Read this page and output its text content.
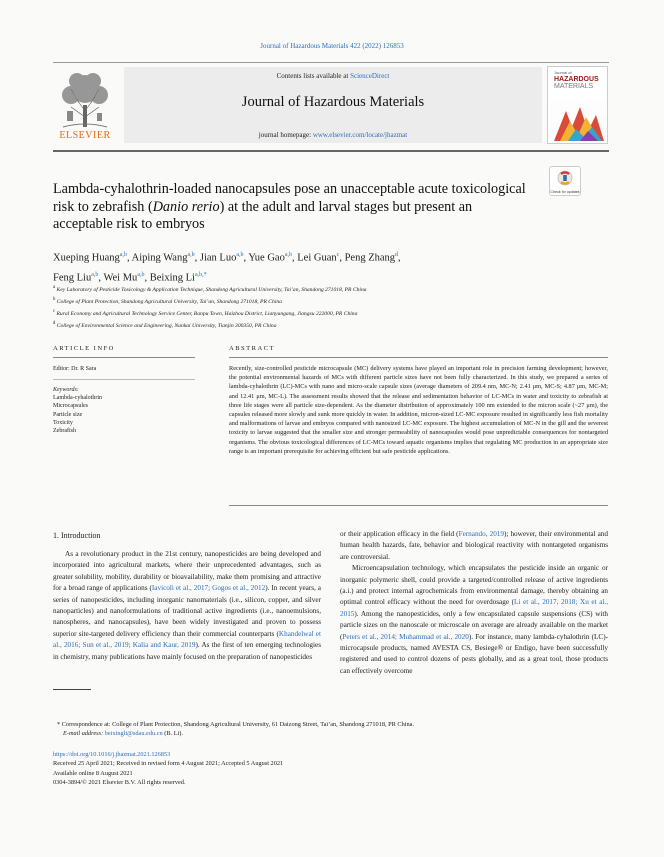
Journal of Hazardous Materials 422 (2022) 126853
ELSEVIER
Contents lists available at ScienceDirect
Journal of Hazardous Materials
journal homepage: www.elsevier.com/locate/jhazmat
Journal of
HAZARDOUS
MATERIALS
Lambda-cyhalothrin-loaded nanocapsules pose an unacceptable acute toxicological risk to zebrafish (Danio rerio) at the adult and larval stages but present an acceptable risk to embryos
Check for updates
Xueping Huang$^{a,b}$, Aiping Wang$^{a,b}$, Jian Luo$^{a,b}$, Yue Gao$^{a,b}$, Lei Guan$^c$, Peng Zhang$^d$,
Feng Liu$^{a,b}$, Wei Mu$^{a,b}$, Beixing $Li^{a,b,*}$
$^a$ Key Laboratory of Pesticide Toxicology & Application Technique, Shandong Agricultural University, Tai’an, Shandong 271018, PR China
$^b$ College of Plant Protection, Shandong Agricultural University, Tai’an, Shandong 271018, PR China
$^c$ Rural Economy and Agricultural Technology Service Center, Banpu Town, Haizhou District, Lianyungang, Jiangsu 222000, PR China
$^d$ College of Environmental Science and Engineering, Nankai University, Tianjin 300350, PR China
ARTICLE INFO	ABSTRACT
Editor: Dr. R Sara
Keywords:
Lambda-cyhalothrin
Microcapsules
Particle size
Toxicity
Zebrafish
Recently, size-controlled pesticide microcapsule (MC) delivery systems have played an important role in precision farming development; however, the potential environmental hazards of MCs with different particle sizes have not been fully characterized. In this study, we prepared a series of lambda-cyhalothrin (LC)-MCs with nano and micro-scale capsule sizes (average diameters of 209.4 nm, MC-N; 2.41 μm, MC-S; 4.87 μm, MC-M; and 12.41 μm, MC-L). The assessment results showed that the release and sedimentation behavior of LC-MCs in water and toxicity to zebrafish at three life stages were all particle size-dependent. As the diameter distribution of approximately 100 nm extended to the micron scale (~27 μm), the capsules released more slowly and sunk more quickly in water. In addition, micron-sized LC-MC exposure resulted in significantly less fish mortality and malformations of larvae and embryos compared with nanosized LC-MC exposure. The highest accumulation of MC-N in the gill and the severest toxicity to larvae suggested that the smaller size and stronger permeability of nanocapsules would pose unpredictable consequences for nontargeted organisms. The obvious toxicological differences of LC-MCs toward aquatic organisms implies that regulating MC production in an appropriate size range is an important prerequisite for achieving efficient but safe pesticide applications.
1. Introduction

As a revolutionary product in the 21st century, nanopesticides are being developed and incorporated into agricultural markets, where their unprecedented advantages, such as greater solubility, mobility, durability or bioavailability, make them promising and attractive for a broad range of applications (Iavicoli et al., 2017; Gogos et al., 2012). In recent years, a series of nanopesticides, including inorganic nanomaterials (i.e., silicon, copper, and silver nanoparticles) and nanoformulations of traditional active ingredients (i.e., nanoemulsions, nanospheres, and nanocapsules), have been widely investigated and proven to possess superior site-targeted delivery efficiency than their commercial counterparts (Khandelwal et al., 2016; Sun et al., 2019; Kalia and Kaur, 2019). As the first of ten emerging technologies in chemistry, many publications have mainly focused on the preparation of nanopesticides

or their application efficacy in the field (Fernando, 2019); however, their environmental and human health hazards, fate, behavior and biological reactivity with nontargeted organisms are controversial.

Microencapsulation technology, which encapsulates the pesticide inside an organic or inorganic polymeric shell, could provide a targeted/controlled release of active ingredients (a.i.) and protect internal agrochemicals from environmental damage, thereby obtaining an optimal control efficacy without the need for overdosage (Li et al., 2017, 2018; Xu et al., 2015). Among the nanopesticides, only a few encapsulated capsule suspensions (CS) with particle sizes on the nanoscale or microscale on average are already available on the market (Peters et al., 2014; Muhammad et al., 2020). For instance, many lambda-cyhalothrin (LC)-microcapsule products, named AVESTA CS, Besiege® or Endigo, have been successfully registered and used to control dozens of pests globally, and as a great tool, those products can effectively overcome

* Correspondence at: College of Plant Protection, Shandong Agricultural University, 61 Daizong Street, Tai’an, Shandong 271018, PR China.
E-mail address: beixingli@sdau.edu.cn (B. Li).
https://doi.org/10.1016/j.jhazmat.2021.126853
Received 25 April 2021; Received in revised form 4 August 2021; Accepted 5 August 2021
Available online 8 August 2021
0304-3894/© 2021 Elsevier B.V. All rights reserved.
